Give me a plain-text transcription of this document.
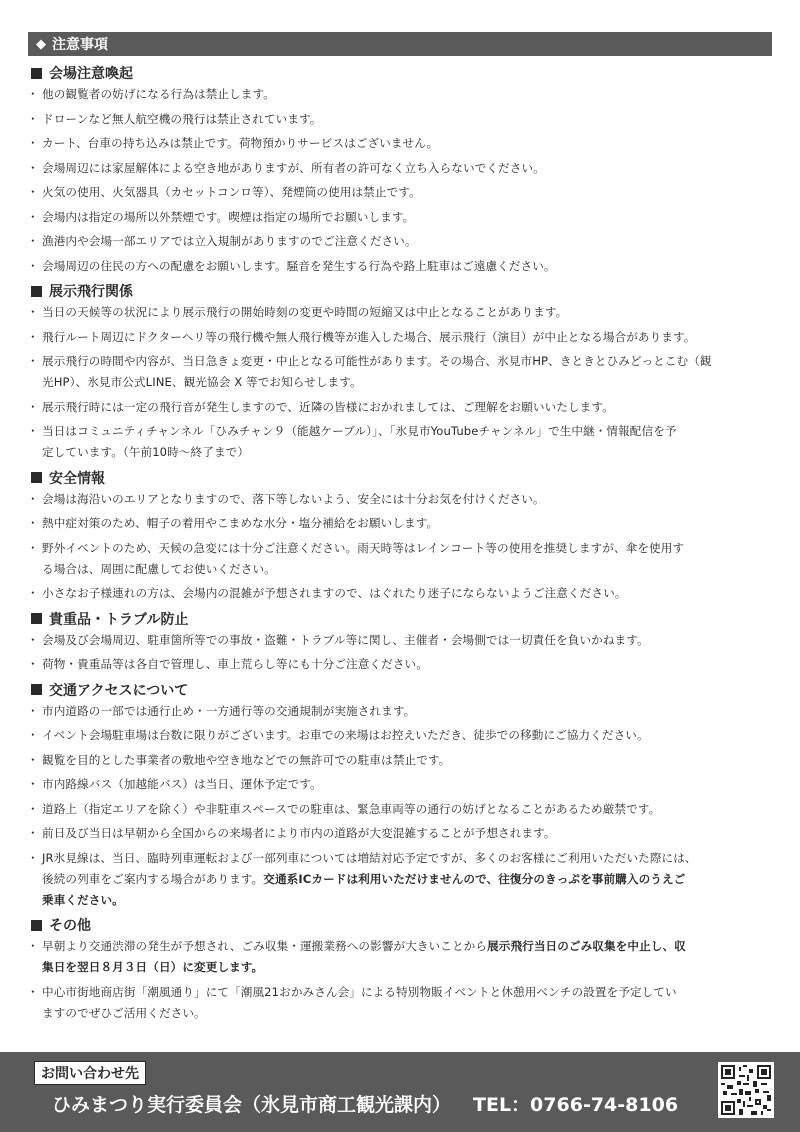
◆ 注意事項
会場注意喚起
・ 他の観覧者の妨げになる行為は禁止します。
・ ドローンなど無人航空機の飛行は禁止されています。
・ カート、台車の持ち込みは禁止です。荷物預かりサービスはございません。
・ 会場周辺には家屋解体による空き地がありますが、所有者の許可なく立ち入らないでください。
・ 火気の使用、火気器具（カセットコンロ等）、発煙筒の使用は禁止です。
・ 会場内は指定の場所以外禁煙です。喫煙は指定の場所でお願いします。
・ 漁港内や会場一部エリアでは立入規制がありますのでご注意ください。
・ 会場周辺の住民の方への配慮をお願いします。騒音を発生する行為や路上駐車はご遠慮ください。
展示飛行関係
・ 当日の天候等の状況により展示飛行の開始時刻の変更や時間の短縮又は中止となることがあります。
・ 飛行ルート周辺にドクターヘリ等の飛行機や無人飛行機等が進入した場合、展示飛行（演目）が中止となる場合があります。
・ 展示飛行の時間や内容が、当日急きょ変更・中止となる可能性があります。その場合、氷見市HP、きときとひみどっとこむ（観
光HP）、氷見市公式LINE、観光協会 X 等でお知らせします。
・ 展示飛行時には一定の飛行音が発生しますので、近隣の皆様におかれましては、ご理解をお願いいたします。
・ 当日はコミュニティチャンネル「ひみチャン９（能越ケーブル）」、「氷見市YouTubeチャンネル」で生中継・情報配信を予
定しています。（午前10時～終了まで）
安全情報
・ 会場は海沿いのエリアとなりますので、落下等しないよう、安全には十分お気を付けください。
・ 熱中症対策のため、帽子の着用やこまめな水分・塩分補給をお願いします。
・ 野外イベントのため、天候の急変には十分ご注意ください。雨天時等はレインコート等の使用を推奨しますが、傘を使用す
る場合は、周囲に配慮してお使いください。
・ 小さなお子様連れの方は、会場内の混雑が予想されますので、はぐれたり迷子にならないようご注意ください。
貴重品・トラブル防止
・ 会場及び会場周辺、駐車箇所等での事故・盗難・トラブル等に関し、主催者・会場側では一切責任を負いかねます。
・ 荷物・貴重品等は各自で管理し、車上荒らし等にも十分ご注意ください。
交通アクセスについて
・ 市内道路の一部では通行止め・一方通行等の交通規制が実施されます。
・ イベント会場駐車場は台数に限りがございます。お車での来場はお控えいただき、徒歩での移動にご協力ください。
・ 観覧を目的とした事業者の敷地や空き地などでの無許可での駐車は禁止です。
・ 市内路線バス（加越能バス）は当日、運休予定です。
・ 道路上（指定エリアを除く）や非駐車スペースでの駐車は、緊急車両等の通行の妨げとなることがあるため厳禁です。
・ 前日及び当日は早朝から全国からの来場者により市内の道路が大変混雑することが予想されます。
・ JR氷見線は、当日、臨時列車運転および一部列車については増結対応予定ですが、多くのお客様にご利用いただいた際には、
後続の列車をご案内する場合があります。交通系ICカードは利用いただけませんので、往復分のきっぷを事前購入のうえご
乗車ください。
その他
・ 早朝より交通渋滞の発生が予想され、ごみ収集・運搬業務への影響が大きいことから展示飛行当日のごみ収集を中止し、収
集日を翌日８月３日（日）に変更します。
・ 中心市街地商店街「潮風通り」にて「潮風21おかみさん会」による特別物販イベントと休憩用ベンチの設置を予定してい
ますのでぜひご活用ください。
お問い合わせ先
ひみまつり実行委員会（氷見市商工観光課内） TEL：0766-74-8106
